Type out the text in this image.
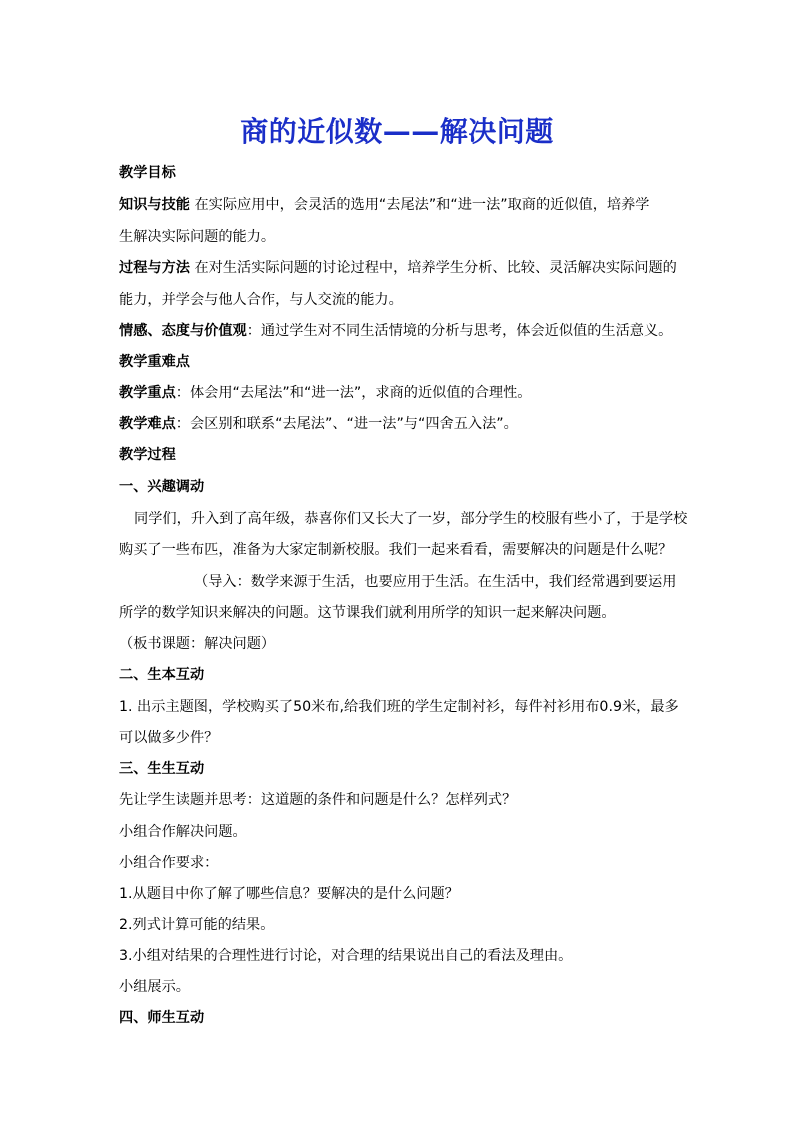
商的近似数——解决问题
教学目标
知识与技能 在实际应用中，会灵活的选用“去尾法”和“进一法”取商的近似值，培养学
生解决实际问题的能力。
过程与方法 在对生活实际问题的讨论过程中，培养学生分析、比较、灵活解决实际问题的
能力，并学会与他人合作，与人交流的能力。
情感、态度与价值观：通过学生对不同生活情境的分析与思考，体会近似值的生活意义。
教学重难点
教学重点：体会用“去尾法”和“进一法”，求商的近似值的合理性。
教学难点：会区别和联系“去尾法”、“进一法”与“四舍五入法”。
教学过程
一、兴趣调动
同学们，升入到了高年级，恭喜你们又长大了一岁，部分学生的校服有些小了，于是学校
购买了一些布匹，准备为大家定制新校服。我们一起来看看，需要解决的问题是什么呢？
（导入：数学来源于生活，也要应用于生活。在生活中，我们经常遇到要运用
所学的数学知识来解决的问题。这节课我们就利用所学的知识一起来解决问题。
（板书课题：解决问题）
二、生本互动
1. 出示主题图，学校购买了50米布,给我们班的学生定制衬衫，每件衬衫用布0.9米，最多
可以做多少件？
三、生生互动
先让学生读题并思考：这道题的条件和问题是什么？怎样列式？
小组合作解决问题。
小组合作要求：
1.从题目中你了解了哪些信息？要解决的是什么问题？
2.列式计算可能的结果。
3.小组对结果的合理性进行讨论，对合理的结果说出自己的看法及理由。
小组展示。
四、师生互动
